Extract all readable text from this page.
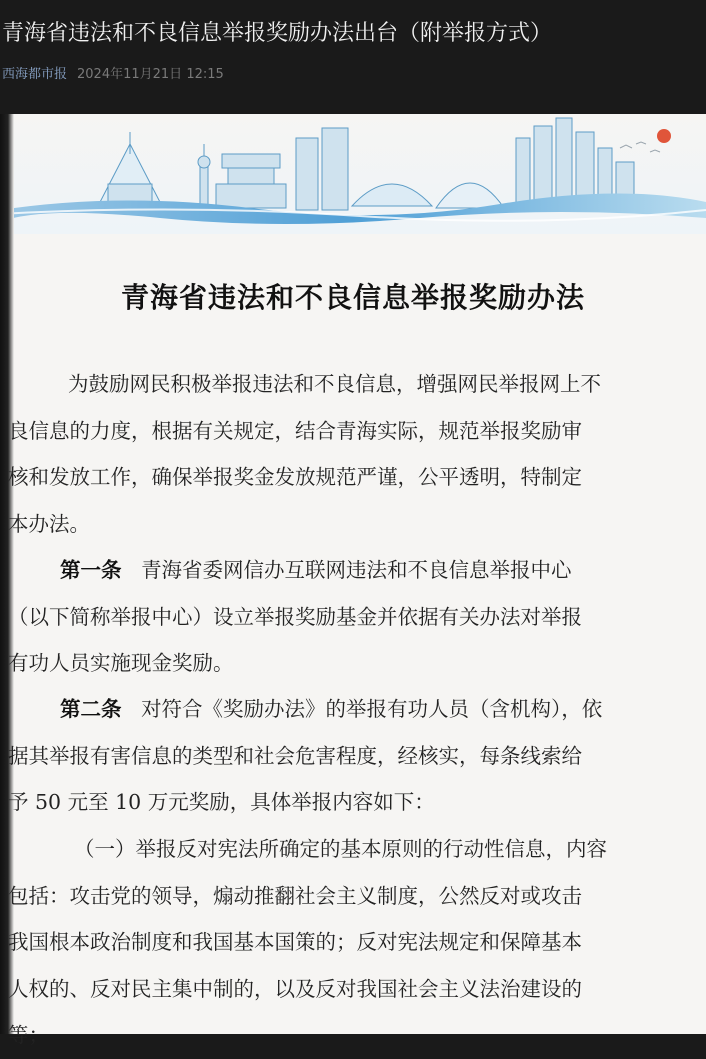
青海省违法和不良信息举报奖励办法出台（附举报方式）
西海都市报 2024年11月21日 12:15
青海省违法和不良信息举报奖励办法
为鼓励网民积极举报违法和不良信息，增强网民举报网上不
良信息的力度，根据有关规定，结合青海实际，规范举报奖励审
核和发放工作，确保举报奖金发放规范严谨，公平透明，特制定
本办法。
第一条 青海省委网信办互联网违法和不良信息举报中心
（以下简称举报中心）设立举报奖励基金并依据有关办法对举报
有功人员实施现金奖励。
第二条 对符合《奖励办法》的举报有功人员（含机构），依
据其举报有害信息的类型和社会危害程度，经核实，每条线索给
予 50 元至 10 万元奖励，具体举报内容如下：
（一）举报反对宪法所确定的基本原则的行动性信息，内容
包括：攻击党的领导，煽动推翻社会主义制度，公然反对或攻击
我国根本政治制度和我国基本国策的；反对宪法规定和保障基本
人权的、反对民主集中制的，以及反对我国社会主义法治建设的
等；
